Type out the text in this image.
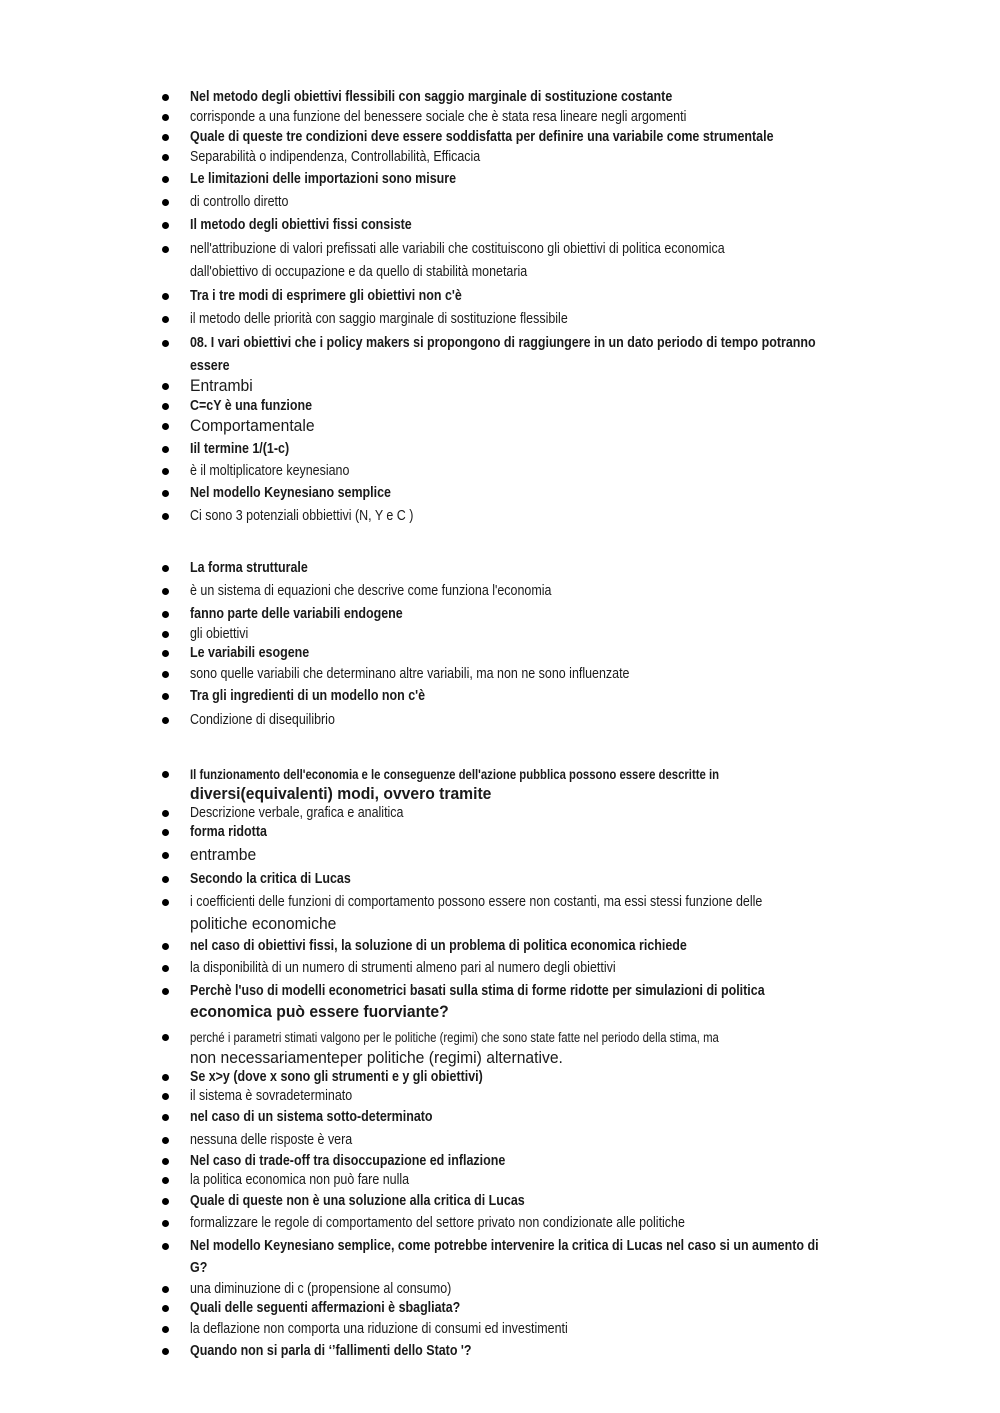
Nel metodo degli obiettivi flessibili con saggio marginale di sostituzione costante
corrisponde a una funzione del benessere sociale che è stata resa lineare negli argomenti
Quale di queste tre condizioni deve essere soddisfatta per definire una variabile come strumentale
Separabilità o indipendenza, Controllabilità, Efficacia
Le limitazioni delle importazioni sono misure
di controllo diretto
Il metodo degli obiettivi fissi consiste
nell'attribuzione di valori prefissati alle variabili che costituiscono gli obiettivi di politica economica
dall'obiettivo di occupazione e da quello di stabilità monetaria
Tra i tre modi di esprimere gli obiettivi non c'è
il metodo delle priorità con saggio marginale di sostituzione flessibile
08. I vari obiettivi che i policy makers si propongono di raggiungere in un dato periodo di tempo potranno
essere
Entrambi
C=cY è una funzione
Comportamentale
Iil termine 1/(1-c)
è il moltiplicatore keynesiano
Nel modello Keynesiano semplice
Ci sono 3 potenziali obbiettivi (N, Y e C )
La forma strutturale
è un sistema di equazioni che descrive come funziona l'economia
fanno parte delle variabili endogene
gli obiettivi
Le variabili esogene
sono quelle variabili che determinano altre variabili, ma non ne sono influenzate
Tra gli ingredienti di un modello non c'è
Condizione di disequilibrio
Il funzionamento dell'economia e le conseguenze dell'azione pubblica possono essere descritte in
diversi(equivalenti) modi, ovvero tramite
Descrizione verbale, grafica e analitica
forma ridotta
entrambe
Secondo la critica di Lucas
i coefficienti delle funzioni di comportamento possono essere non costanti, ma essi stessi funzione delle
politiche economiche
nel caso di obiettivi fissi, la soluzione di un problema di politica economica richiede
la disponibilità di un numero di strumenti almeno pari al numero degli obiettivi
Perchè l'uso di modelli econometrici basati sulla stima di forme ridotte per simulazioni di politica
economica può essere fuorviante?
perché i parametri stimati valgono per le politiche (regimi) che sono state fatte nel periodo della stima, ma
non necessariamenteper politiche (regimi) alternative.
Se x>y (dove x sono gli strumenti e y gli obiettivi)
il sistema è sovradeterminato
nel caso di un sistema sotto-determinato
nessuna delle risposte è vera
Nel caso di trade-off tra disoccupazione ed inflazione
la politica economica non può fare nulla
Quale di queste non è una soluzione alla critica di Lucas
formalizzare le regole di comportamento del settore privato non condizionate alle politiche
Nel modello Keynesiano semplice, come potrebbe intervenire la critica di Lucas nel caso si un aumento di
G?
una diminuzione di c (propensione al consumo)
Quali delle seguenti affermazioni è sbagliata?
la deflazione non comporta una riduzione di consumi ed investimenti
Quando non si parla di ‘’fallimenti dello Stato '?
